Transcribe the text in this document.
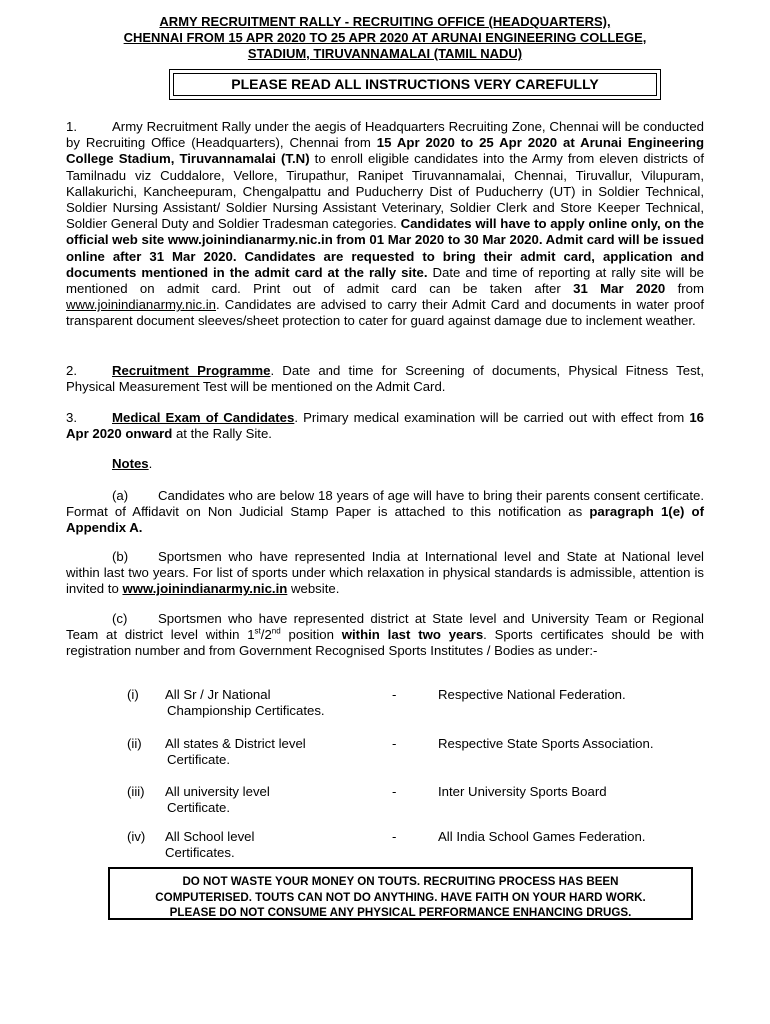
ARMY RECRUITMENT RALLY - RECRUITING OFFICE (HEADQUARTERS),
CHENNAI FROM 15 APR 2020 TO 25 APR 2020 AT ARUNAI ENGINEERING COLLEGE,
STADIUM, TIRUVANNAMALAI (TAMIL NADU)
PLEASE READ ALL INSTRUCTIONS VERY CAREFULLY
1.	Army Recruitment Rally under the aegis of Headquarters Recruiting Zone, Chennai will be conducted by Recruiting Office (Headquarters), Chennai from 15 Apr 2020 to 25 Apr 2020 at Arunai Engineering College Stadium, Tiruvannamalai (T.N) to enroll eligible candidates into the Army from eleven districts of Tamilnadu viz Cuddalore, Vellore, Tirupathur, Ranipet Tiruvannamalai, Chennai, Tiruvallur, Vilupuram, Kallakurichi, Kancheepuram, Chengalpattu and Puducherry Dist of Puducherry (UT) in Soldier Technical, Soldier Nursing Assistant/ Soldier Nursing Assistant Veterinary, Soldier Clerk and Store Keeper Technical, Soldier General Duty and Soldier Tradesman categories. Candidates will have to apply online only, on the official web site www.joinindianarmy.nic.in from 01 Mar 2020 to 30 Mar 2020. Admit card will be issued online after 31 Mar 2020. Candidates are requested to bring their admit card, application and documents mentioned in the admit card at the rally site. Date and time of reporting at rally site will be mentioned on admit card. Print out of admit card can be taken after 31 Mar 2020 from www.joinindianarmy.nic.in. Candidates are advised to carry their Admit Card and documents in water proof transparent document sleeves/sheet protection to cater for guard against damage due to inclement weather.
2.	Recruitment Programme. Date and time for Screening of documents, Physical Fitness Test, Physical Measurement Test will be mentioned on the Admit Card.
3.	Medical Exam of Candidates. Primary medical examination will be carried out with effect from 16 Apr 2020 onward at the Rally Site.
Notes.
(a) Candidates who are below 18 years of age will have to bring their parents consent certificate. Format of Affidavit on Non Judicial Stamp Paper is attached to this notification as paragraph 1(e) of Appendix A.
(b) Sportsmen who have represented India at International level and State at National level within last two years. For list of sports under which relaxation in physical standards is admissible, attention is invited to www.joinindianarmy.nic.in website.
(c) Sportsmen who have represented district at State level and University Team or Regional Team at district level within 1st/2nd position within last two years. Sports certificates should be with registration number and from Government Recognised Sports Institutes / Bodies as under:-
(i)	All Sr / Jr National
Championship Certificates.
-	Respective National Federation.
(ii)	All states & District level
Certificate.
-	Respective State Sports Association.
(iii)	All university level
Certificate.
-	Inter University Sports Board
(iv)	All School level
Certificates.
-	All India School Games Federation.
DO NOT WASTE YOUR MONEY ON TOUTS. RECRUITING PROCESS HAS BEEN
COMPUTERISED. TOUTS CAN NOT DO ANYTHING. HAVE FAITH ON YOUR HARD WORK.
PLEASE DO NOT CONSUME ANY PHYSICAL PERFORMANCE ENHANCING DRUGS.
